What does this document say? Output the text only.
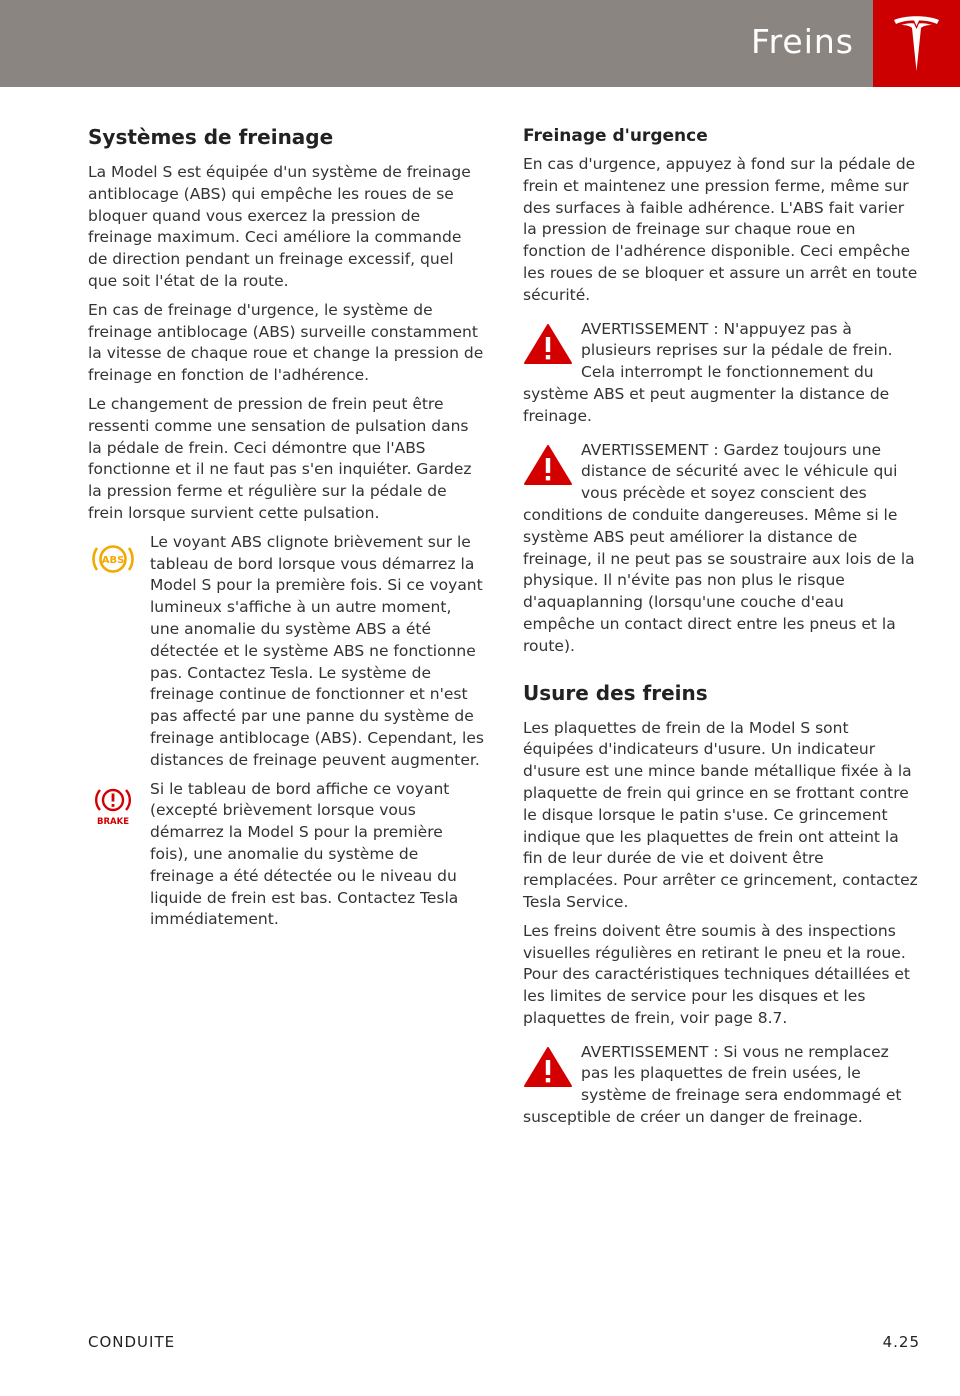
Freins
Systèmes de freinage

La Model S est équipée d'un système de freinage antiblocage (ABS) qui empêche les roues de se bloquer quand vous exercez la pression de freinage maximum. Ceci améliore la commande de direction pendant un freinage excessif, quel que soit l'état de la route.

En cas de freinage d'urgence, le système de freinage antiblocage (ABS) surveille constamment la vitesse de chaque roue et change la pression de freinage en fonction de l'adhérence.

Le changement de pression de frein peut être ressenti comme une sensation de pulsation dans la pédale de frein. Ceci démontre que l'ABS fonctionne et il ne faut pas s'en inquiéter. Gardez la pression ferme et régulière sur la pédale de frein lorsque survient cette pulsation.

ABS

Le voyant ABS clignote brièvement sur le tableau de bord lorsque vous démarrez la Model S pour la première fois. Si ce voyant lumineux s'affiche à un autre moment, une anomalie du système ABS a été détectée et le système ABS ne fonctionne pas. Contactez Tesla. Le système de freinage continue de fonctionner et n'est pas affecté par une panne du système de freinage antiblocage (ABS). Cependant, les distances de freinage peuvent augmenter.

BRAKE

Si le tableau de bord affiche ce voyant (excepté brièvement lorsque vous démarrez la Model S pour la première fois), une anomalie du système de freinage a été détectée ou le niveau du liquide de frein est bas. Contactez Tesla immédiatement.

Freinage d'urgence

En cas d'urgence, appuyez à fond sur la pédale de frein et maintenez une pression ferme, même sur des surfaces à faible adhérence. L'ABS fait varier la pression de freinage sur chaque roue en fonction de l'adhérence disponible. Ceci empêche les roues de se bloquer et assure un arrêt en toute sécurité.

AVERTISSEMENT : N'appuyez pas à plusieurs reprises sur la pédale de frein. Cela interrompt le fonctionnement du système ABS et peut augmenter la distance de freinage.

AVERTISSEMENT : Gardez toujours une distance de sécurité avec le véhicule qui vous précède et soyez conscient des conditions de conduite dangereuses. Même si le système ABS peut améliorer la distance de freinage, il ne peut pas se soustraire aux lois de la physique. Il n'évite pas non plus le risque d'aquaplanning (lorsqu'une couche d'eau empêche un contact direct entre les pneus et la route).

Usure des freins

Les plaquettes de frein de la Model S sont équipées d'indicateurs d'usure. Un indicateur d'usure est une mince bande métallique fixée à la plaquette de frein qui grince en se frottant contre le disque lorsque le patin s'use. Ce grincement indique que les plaquettes de frein ont atteint la fin de leur durée de vie et doivent être remplacées. Pour arrêter ce grincement, contactez Tesla Service.

Les freins doivent être soumis à des inspections visuelles régulières en retirant le pneu et la roue. Pour des caractéristiques techniques détaillées et les limites de service pour les disques et les plaquettes de frein, voir page 8.7.

AVERTISSEMENT : Si vous ne remplacez pas les plaquettes de frein usées, le système de freinage sera endommagé et susceptible de créer un danger de freinage.

CONDUITE	4.25
